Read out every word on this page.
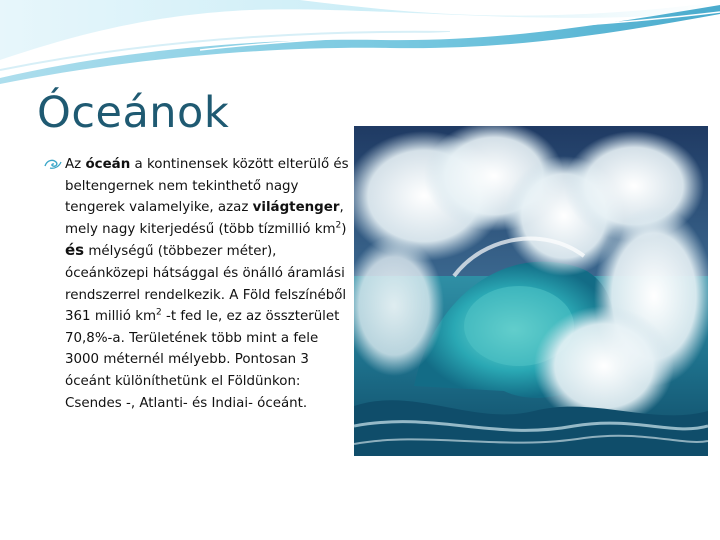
Óceánok
Az óceán a kontinensek között elterülő és beltengernek nem tekinthető nagy tengerek valamelyike, azaz világtenger, mely nagy kiterjedésű (több tízmillió $km^2$) és mélységű (többezer méter), óceánközepi hátsággal és önálló áramlási rendszerrel rendelkezik. A Föld felszínéből 361 millió $km^2$ -t fed le, ez az összterület 70,8%-a. Területének több mint a fele 3000 méternél mélyebb. Pontosan 3 óceánt különíthetünk el Földünkon: Csendes -, Atlanti- és Indiai- óceánt.
